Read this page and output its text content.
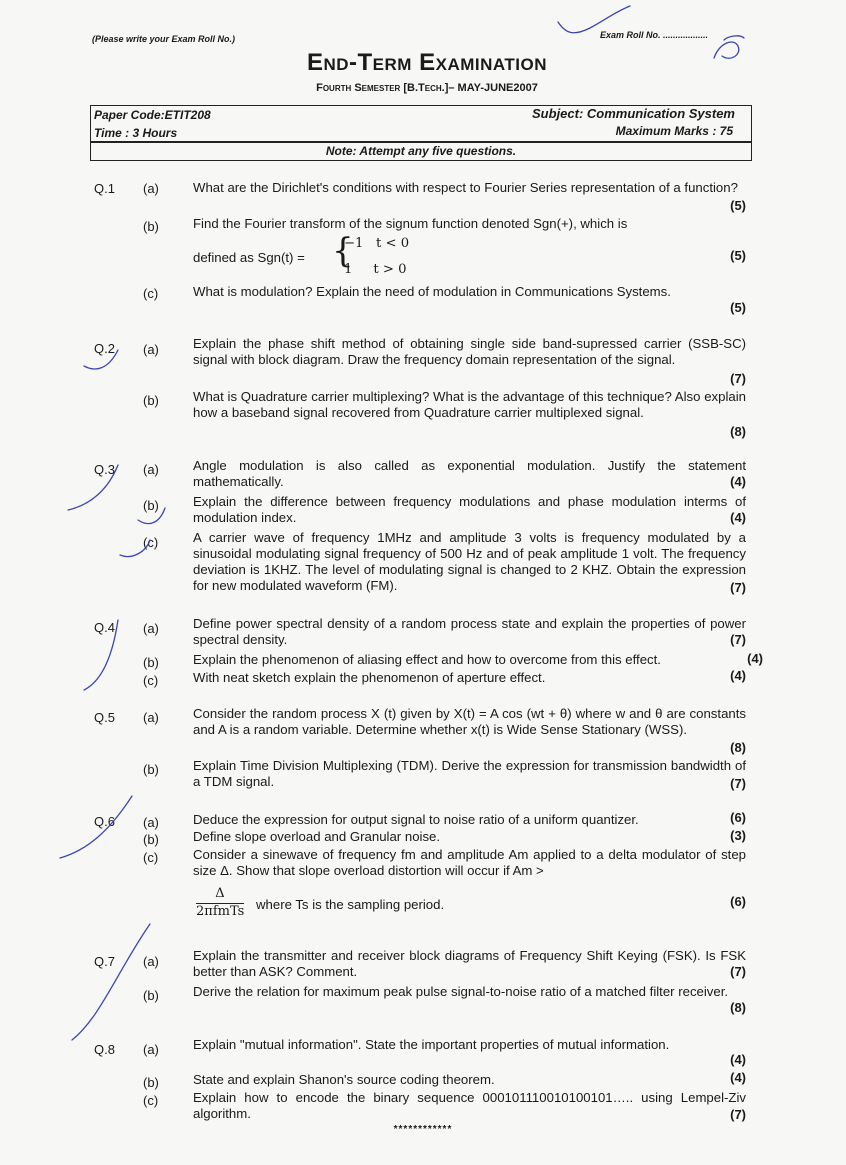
(Please write your Exam Roll No.)	Exam Roll No. ..................
End-Term Examination
Fourth Semester [B.Tech.]– MAY-JUNE2007
Paper Code:ETIT208	Subject: Communication System
Time : 3 Hours	Maximum Marks : 75
Note: Attempt any five questions.
Q.1 (a)	What are the Dirichlet's conditions with respect to Fourier Series representation of a function?
(5)
(b)	Find the Fourier transform of the signum function denoted Sgn(+), which is
defined as Sgn(t) = {
−1   t < 0
1     t > 0
(5)
(c)	What is modulation? Explain the need of modulation in Communications Systems.
(5)
Q.2 (a)	Explain the phase shift method of obtaining single side band-supressed carrier (SSB-SC) signal with block diagram. Draw the frequency domain representation of the signal.
(7)
(b)	What is Quadrature carrier multiplexing? What is the advantage of this technique? Also explain how a baseband signal recovered from Quadrature carrier multiplexed signal.
(8)
Q.3 (a)	Angle modulation is also called as exponential modulation. Justify the statement mathematically.	(4)
(b)	Explain the difference between frequency modulations and phase modulation interms of modulation index.	(4)
(c)	A carrier wave of frequency 1MHz and amplitude 3 volts is frequency modulated by a sinusoidal modulating signal frequency of 500 Hz and of peak amplitude 1 volt. The frequency deviation is 1KHZ. The level of modulating signal is changed to 2 KHZ. Obtain the expression for new modulated waveform (FM).	(7)
Q.4 (a)	Define power spectral density of a random process state and explain the properties of power spectral density.	(7)
(b)	Explain the phenomenon of aliasing effect and how to overcome from this effect.	(4)
(c)	With neat sketch explain the phenomenon of aperture effect.	(4)
Q.5 (a)	Consider the random process X (t) given by X(t) = A cos (wt + θ) where w and θ are constants and A is a random variable. Determine whether x(t) is Wide Sense Stationary (WSS).
(8)
(b)	Explain Time Division Multiplexing (TDM). Derive the expression for transmission bandwidth of a TDM signal.	(7)
Q.6 (a)	Deduce the expression for output signal to noise ratio of a uniform quantizer.	(6)
(b)	Define slope overload and Granular noise.	(3)
(c)	Consider a sinewave of frequency fm and amplitude Am applied to a delta modulator of step size Δ. Show that slope overload distortion will occur if Am >
Δ
2πfmTs where Ts is the sampling period.	(6)
Q.7 (a)	Explain the transmitter and receiver block diagrams of Frequency Shift Keying (FSK). Is FSK better than ASK? Comment.	(7)
(b)	Derive the relation for maximum peak pulse signal-to-noise ratio of a matched filter receiver.
(8)
Q.8 (a)	Explain "mutual information". State the important properties of mutual information.
(4)
(b)	State and explain Shanon's source coding theorem.	(4)
(c)	Explain how to encode the binary sequence 000101110010100101….. using Lempel-Ziv algorithm.	(7)
************
